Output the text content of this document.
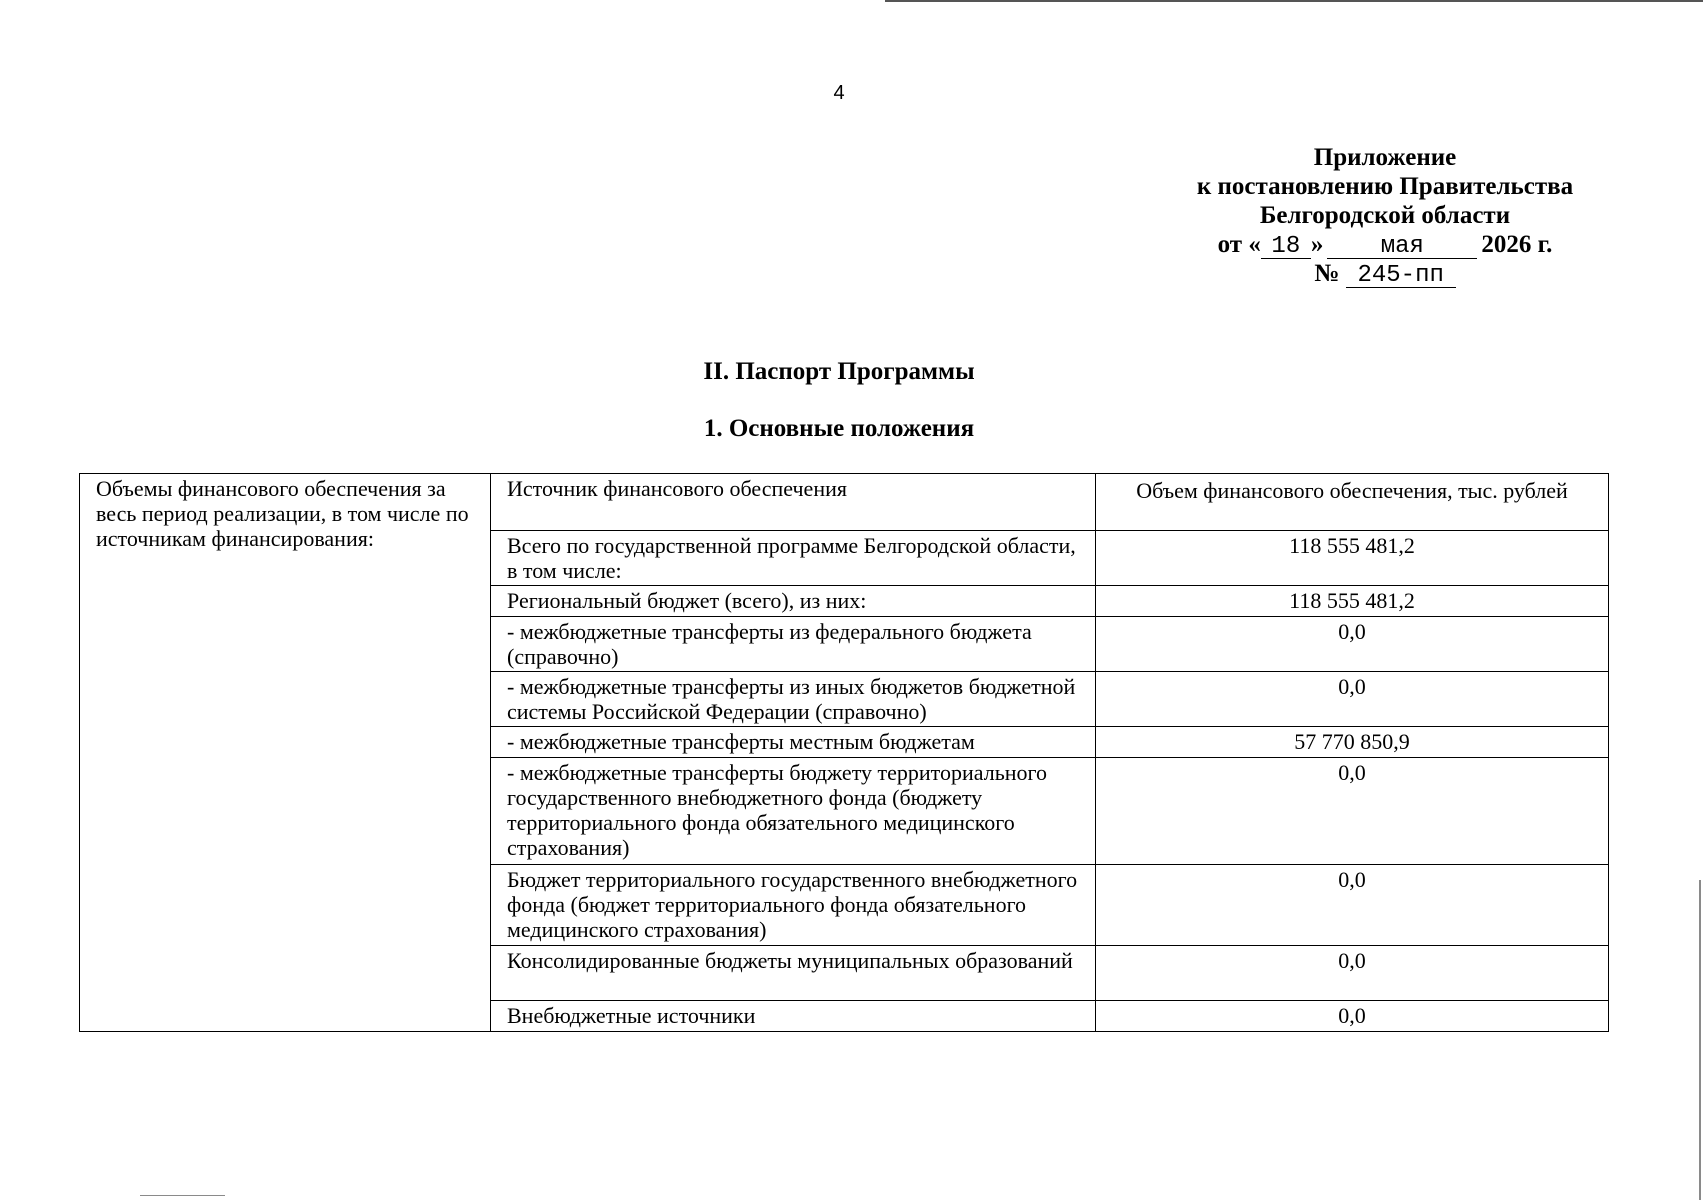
4
Приложение
к постановлению Правительства
Белгородской области
от « 18 » мая 2026 г.
№ 245-пп
II. Паспорт Программы
1. Основные положения
Объемы финансового обеспечения за весь период реализации, в том числе по источникам финансирования:	Источник финансового обеспечения	Объем финансового обеспечения, тыс. рублей
	Всего по государственной программе Белгородской области, в том числе:	118 555 481,2
	Региональный бюджет (всего), из них:	118 555 481,2
	- межбюджетные трансферты из федерального бюджета (справочно)	0,0
	- межбюджетные трансферты из иных бюджетов бюджетной системы Российской Федерации (справочно)	0,0
	- межбюджетные трансферты местным бюджетам	57 770 850,9
	- межбюджетные трансферты бюджету территориального государственного внебюджетного фонда (бюджету территориального фонда обязательного медицинского страхования)	0,0
	Бюджет территориального государственного внебюджетного фонда (бюджет территориального фонда обязательного медицинского страхования)	0,0
	Консолидированные бюджеты муниципальных образований	0,0
	Внебюджетные источники	0,0
